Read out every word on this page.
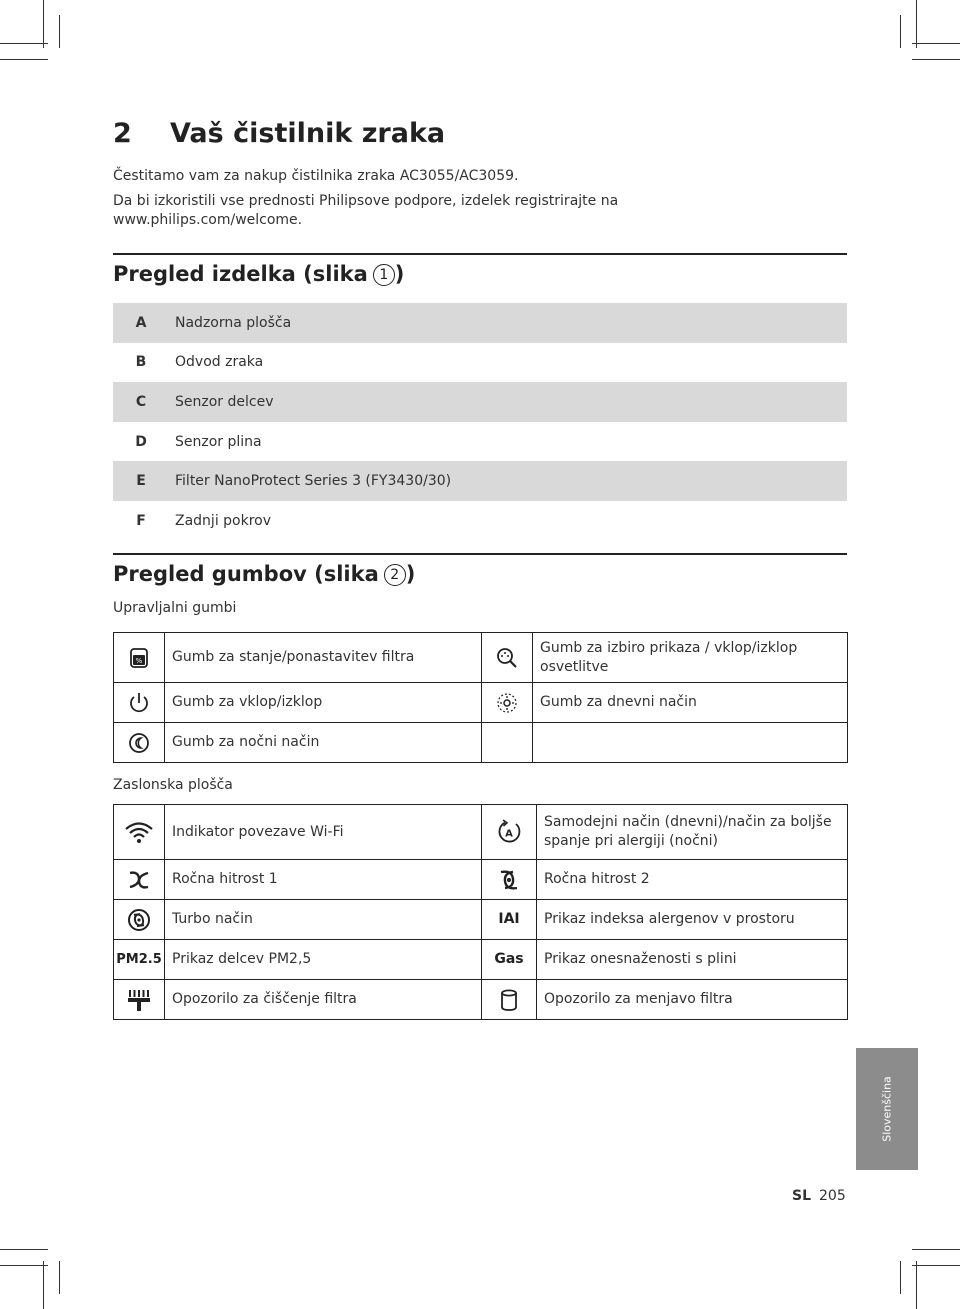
2 Vaš čistilnik zraka

Čestitamo vam za nakup čistilnika zraka AC3055/AC3059.

Da bi izkoristili vse prednosti Philipsove podpore, izdelek registrirajte na

www.philips.com/welcome.

Pregled izdelka (slika 1 )
A	Nadzorna plošča
B	Odvod zraka
C	Senzor delcev
D	Senzor plina
E	Filter NanoProtect Series 3 (FY3430/30)
F	Zadnji pokrov
Pregled gumbov (slika 2 )

Upravljalni gumbi

%	Gumb za stanje/ponastavitev filtra		Gumb za izbiro prikaza / vklop/izklop osvetlitve

	Gumb za vklop/izklop		Gumb za dnevni način

	Gumb za nočni način		

Zaslonska plošča

	Indikator povezave Wi-Fi	A	Samodejni način (dnevni)/način za boljše spanje pri alergiji (nočni)

	Ročna hitrost 1		Ročna hitrost 2

	Turbo način	IAI	Prikaz indeksa alergenov v prostoru
PM2.5	Prikaz delcev PM2,5	Gas	Prikaz onesnaženosti s plini

	Opozorilo za čiščenje filtra		Opozorilo za menjavo filtra
Slovenščina
SL 205
